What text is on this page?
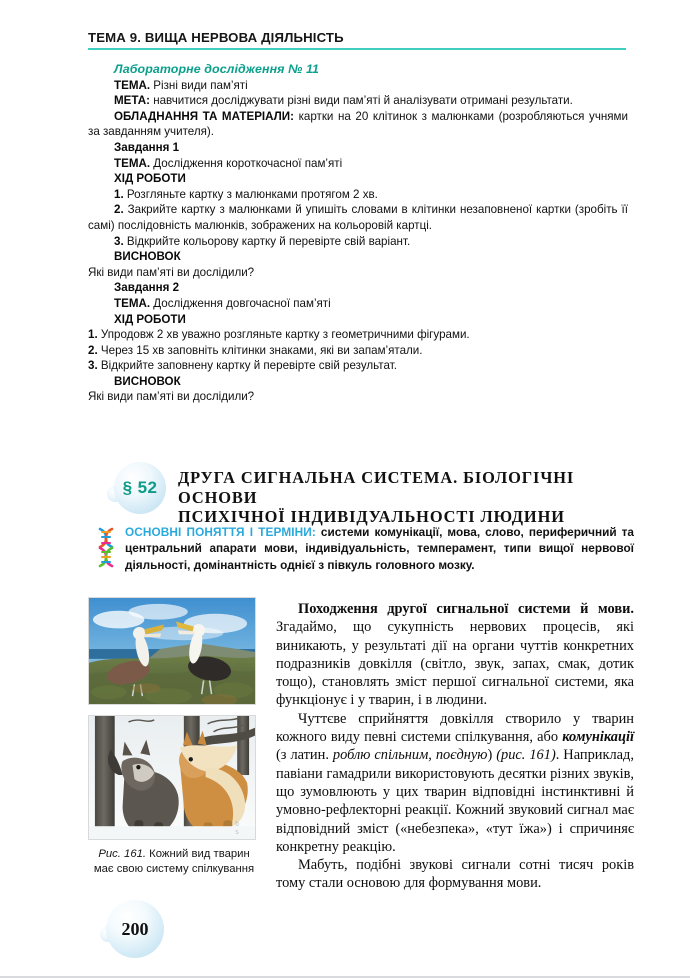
ТЕМА 9. ВИЩА НЕРВОВА ДІЯЛЬНІСТЬ

Лабораторне дослідження № 11

ТЕМА. Різні види пам’яті

МЕТА: навчитися досліджувати різні види пам’яті й аналізувати отримані результати.

ОБЛАДНАННЯ ТА МАТЕРІАЛИ: картки на 20 клітинок з малюнками (розробляються учнями за завданням учителя).

Завдання 1

ТЕМА. Дослідження короткочасної пам’яті

ХІД РОБОТИ

1. Розгляньте картку з малюнками протягом 2 хв.

2. Закрийте картку з малюнками й упишіть словами в клітинки незаповненої картки (зробіть її самі) послідовність малюнків, зображених на кольоровій картці.

3. Відкрийте кольорову картку й перевірте свій варіант.

ВИСНОВОК

Які види пам’яті ви дослідили?

Завдання 2

ТЕМА. Дослідження довгочасної пам’яті

ХІД РОБОТИ

1. Упродовж 2 хв уважно розгляньте картку з геометричними фігурами.

2. Через 15 хв заповніть клітинки знаками, які ви запам’ятали.

3. Відкрийте заповнену картку й перевірте свій результат.

ВИСНОВОК

Які види пам’яті ви дослідили?

§ 52
ДРУГА СИГНАЛЬНА СИСТЕМА. БІОЛОГІЧНІ ОСНОВИ
ПСИХІЧНОЇ ІНДИВІДУАЛЬНОСТІ ЛЮДИНИ
ОСНОВНІ ПОНЯТТЯ І ТЕРМІНИ: системи комунікації, мова, слово, периферичний та центральний апарати мови, індивідуальність, темперамент, типи вищої нервової діяльності, домінантність однієї з півкуль головного мозку.
b
s
Рис. 161. Кожний вид тварин має свою систему спілкування

Походження другої сигнальної системи й мови. Згадаймо, що сукупність нервових процесів, які виникають, у результаті дії на органи чуттів конкретних подразників довкілля (світло, звук, запах, смак, дотик тощо), становлять зміст першої сигнальної системи, яка функціонує і у тварин, і в людини.

Чуттєве сприйняття довкілля створило у тварин кожного виду певні системи спілкування, або комунікації (з латин. роблю спільним, поєдную) (рис. 161). Наприклад, павіани гамадрили використовують десятки різних звуків, що зумовлюють у цих тварин відповідні інстинктивні й умовно-рефлекторні реакції. Кожний звуковий сигнал має відповідний зміст («небезпека», «тут їжа») і спричиняє конкретну реакцію.

Мабуть, подібні звукові сигнали сотні тисяч років тому стали основою для формування мови.

200
